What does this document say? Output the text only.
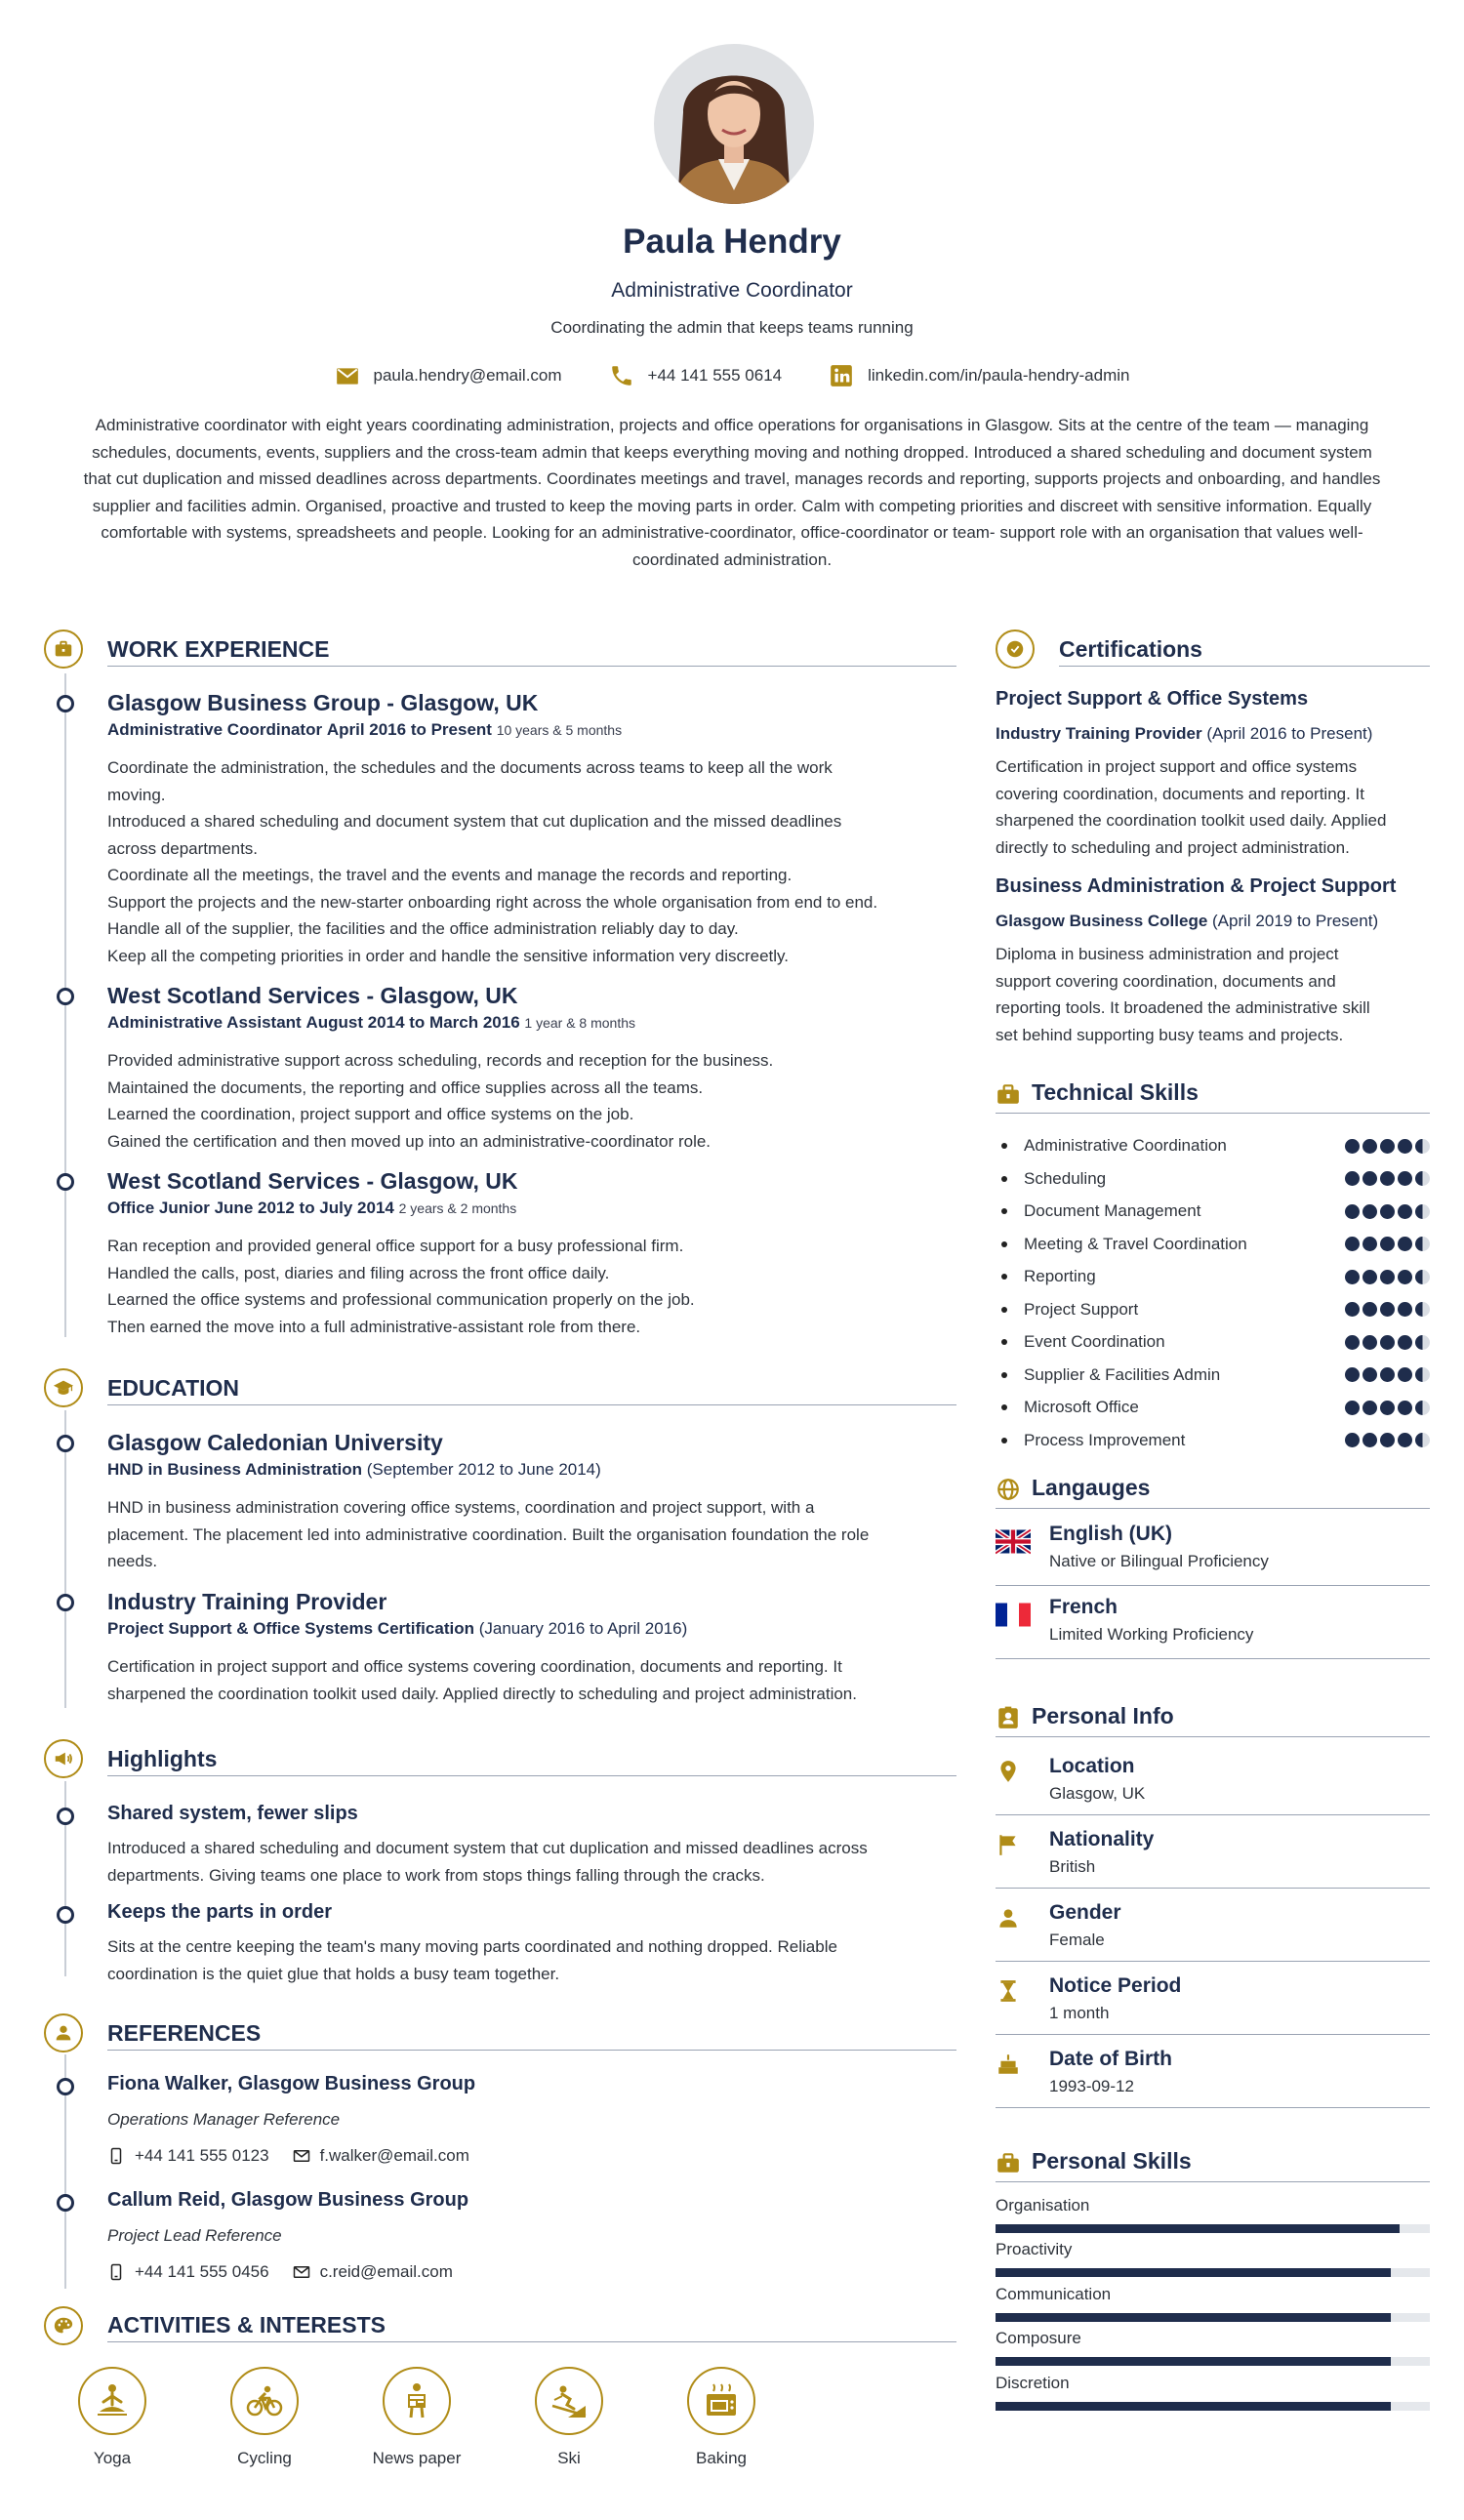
Paula Hendry
Administrative Coordinator
Coordinating the admin that keeps teams running
paula.hendry@email.com	+44 141 555 0614	linkedin.com/in/paula-hendry-admin
Administrative coordinator with eight years coordinating administration, projects and office operations for organisations in Glasgow. Sits at the centre of the team — managing schedules, documents, events, suppliers and the cross-team admin that keeps everything moving and nothing dropped. Introduced a shared scheduling and document system that cut duplication and missed deadlines across departments. Coordinates meetings and travel, manages records and reporting, supports projects and onboarding, and handles supplier and facilities admin. Organised, proactive and trusted to keep the moving parts in order. Calm with competing priorities and discreet with sensitive information. Equally comfortable with systems, spreadsheets and people. Looking for an administrative-coordinator, office-coordinator or team- support role with an organisation that values well-coordinated administration.
WORK EXPERIENCE
Glasgow Business Group - Glasgow, UK
Administrative Coordinator April 2016 to Present 10 years & 5 months
Coordinate the administration, the schedules and the documents across teams to keep all the work
moving.
Introduced a shared scheduling and document system that cut duplication and the missed deadlines
across departments.
Coordinate all the meetings, the travel and the events and manage the records and reporting.
Support the projects and the new-starter onboarding right across the whole organisation from end to end.
Handle all of the supplier, the facilities and the office administration reliably day to day.
Keep all the competing priorities in order and handle the sensitive information very discreetly.
West Scotland Services - Glasgow, UK
Administrative Assistant August 2014 to March 2016 1 year & 8 months
Provided administrative support across scheduling, records and reception for the business.
Maintained the documents, the reporting and office supplies across all the teams.
Learned the coordination, project support and office systems on the job.
Gained the certification and then moved up into an administrative-coordinator role.
West Scotland Services - Glasgow, UK
Office Junior June 2012 to July 2014 2 years & 2 months
Ran reception and provided general office support for a busy professional firm.
Handled the calls, post, diaries and filing across the front office daily.
Learned the office systems and professional communication properly on the job.
Then earned the move into a full administrative-assistant role from there.
EDUCATION
Glasgow Caledonian University
HND in Business Administration (September 2012 to June 2014)
HND in business administration covering office systems, coordination and project support, with a
placement. The placement led into administrative coordination. Built the organisation foundation the role
needs.
Industry Training Provider
Project Support & Office Systems Certification (January 2016 to April 2016)
Certification in project support and office systems covering coordination, documents and reporting. It
sharpened the coordination toolkit used daily. Applied directly to scheduling and project administration.
Highlights
Shared system, fewer slips
Introduced a shared scheduling and document system that cut duplication and missed deadlines across
departments. Giving teams one place to work from stops things falling through the cracks.
Keeps the parts in order
Sits at the centre keeping the team's many moving parts coordinated and nothing dropped. Reliable
coordination is the quiet glue that holds a busy team together.
REFERENCES
Fiona Walker, Glasgow Business Group
Operations Manager Reference
+44 141 555 0123	f.walker@email.com
Callum Reid, Glasgow Business Group
Project Lead Reference
+44 141 555 0456	c.reid@email.com
ACTIVITIES & INTERESTS
Yoga	Cycling	News paper	Ski	Baking
Certifications
Project Support & Office Systems
Industry Training Provider (April 2016 to Present)
Certification in project support and office systems
covering coordination, documents and reporting. It
sharpened the coordination toolkit used daily. Applied
directly to scheduling and project administration.
Business Administration & Project Support
Glasgow Business College (April 2019 to Present)
Diploma in business administration and project
support covering coordination, documents and
reporting tools. It broadened the administrative skill
set behind supporting busy teams and projects.
Technical Skills
Administrative Coordination
Scheduling
Document Management
Meeting & Travel Coordination
Reporting
Project Support
Event Coordination
Supplier & Facilities Admin
Microsoft Office
Process Improvement
Langauges
English (UK)
Native or Bilingual Proficiency
French
Limited Working Proficiency
Personal Info
Location
Glasgow, UK
Nationality
British
Gender
Female
Notice Period
1 month
Date of Birth
1993-09-12
Personal Skills
Organisation
Proactivity
Communication
Composure
Discretion
